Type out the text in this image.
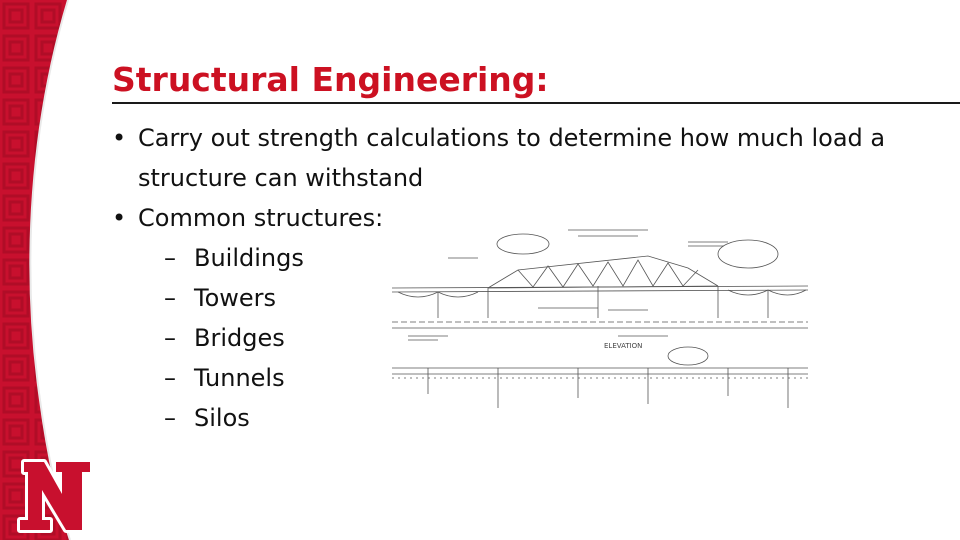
Structural Engineering:
• Carry out strength calculations to determine how much load a structure can withstand
• Common structures:
– Buildings
– Towers
– Bridges
– Tunnels
– Silos
ELEVATION
